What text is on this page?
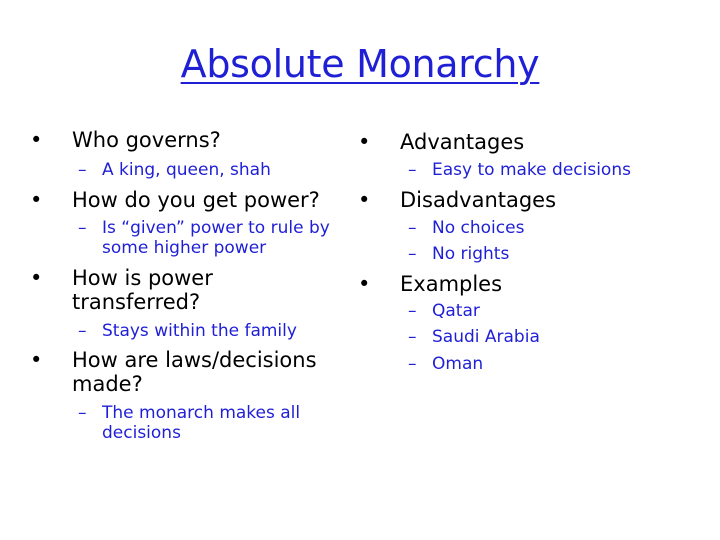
Absolute Monarchy
•	Who governs?
– A king, queen, shah
•	How do you get power?
– Is “given” power to rule by
some higher power
•	How is power
transferred?
– Stays within the family
•	How are laws/decisions
made?
– The monarch makes all
decisions
•	Advantages
– Easy to make decisions
•	Disadvantages
– No choices
– No rights
•	Examples
– Qatar
– Saudi Arabia
– Oman
